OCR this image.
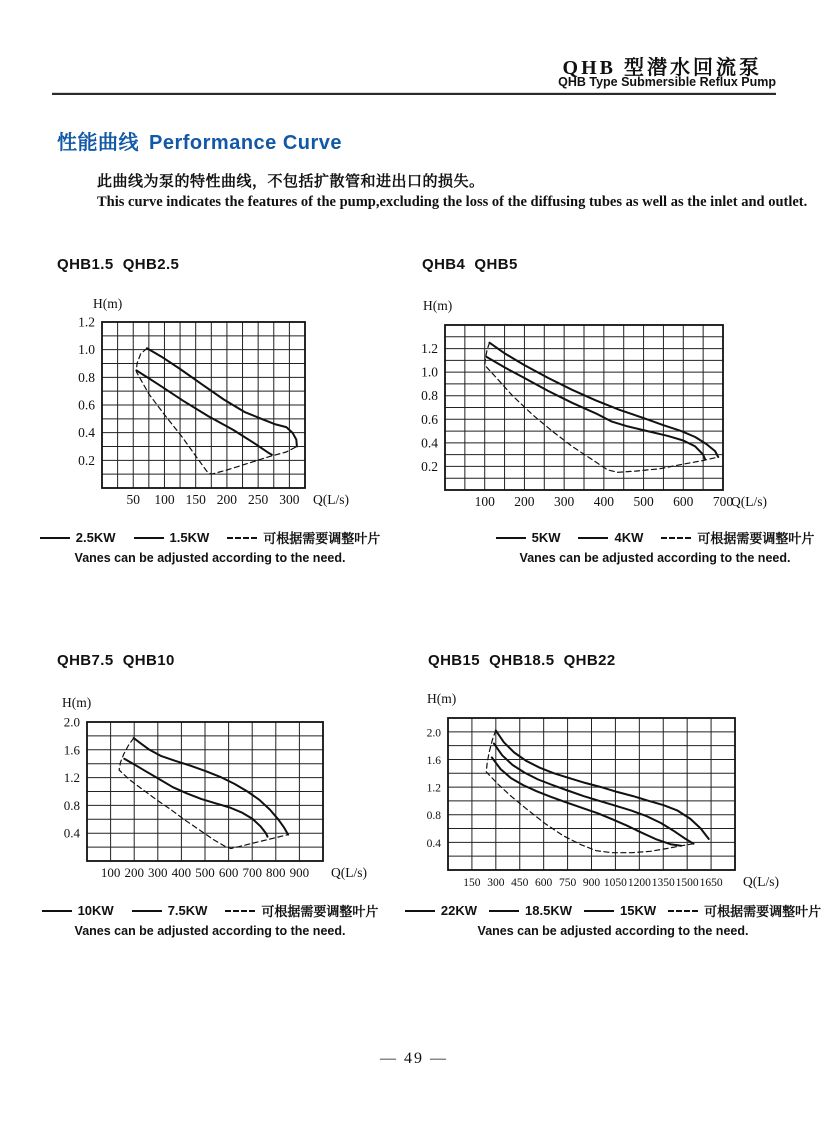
QHB 型潜水回流泵
QHB Type Submersible Reflux Pump
性能曲线 Performance Curve
此曲线为泵的特性曲线，不包括扩散管和进出口的损失。
This curve indicates the features of the pump,excluding the loss of the diffusing tubes as well as the inlet and outlet.
QHB1.5  QHB2.5
0.2
0.4
0.6
0.8
1.0
1.2
50 100 150 200 250 300 Q(L/s)
H(m)
2.5KW	1.5KW	可根据需要调整叶片
Vanes can be adjusted according to the need.
QHB4  QHB5
0.2
0.4
0.6
0.8
1.0
1.2
100 200 300 400 500 600 700
Q(L/s)
H(m)
5KW	4KW	可根据需要调整叶片
Vanes can be adjusted according to the need.
QHB7.5  QHB10
0.4
0.8
1.2
1.6
2.0
100 200 300 400 500 600 700 800 900 Q(L/s)
H(m)
10KW	7.5KW	可根据需要调整叶片
Vanes can be adjusted according to the need.
QHB15  QHB18.5  QHB22
0.4
0.8
1.2
1.6
2.0
150 300 450 600 750 900 1050 1200 1350 1500 1650 Q(L/s)
H(m)
22KW	18.5KW	15KW	可根据需要调整叶片
Vanes can be adjusted according to the need.
— 49 —
